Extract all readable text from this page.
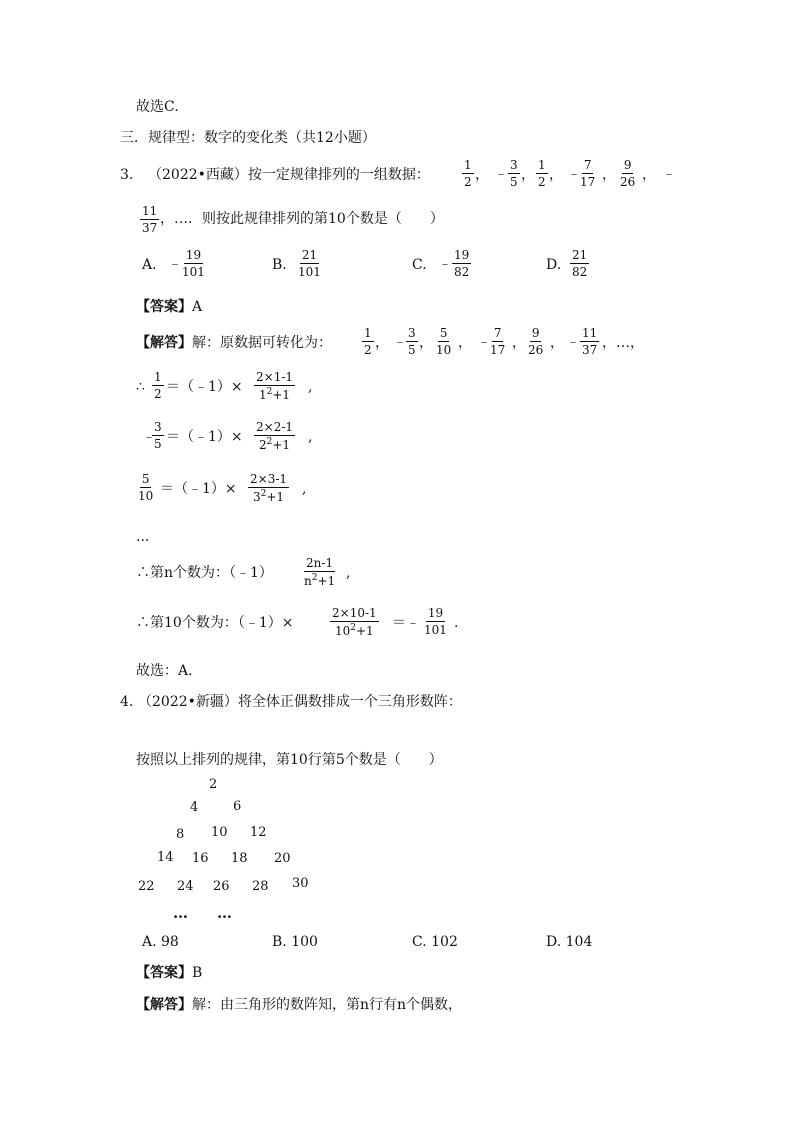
故选C.
三．规律型：数字的变化类（共12小题）
3. （2022•西藏）按一定规律排列的一组数据：	$\frac{1}{2}$ ， ﹣ $\frac{3}{5}$ ， $\frac{1}{2}$ ， ﹣ $\frac{7}{17}$ ， $\frac{9}{26}$ ， ﹣
$\frac{11}{37}$ ，…．则按此规律排列的第10个数是（　　）
A. ﹣ $\frac{19}{101}$	B. $\frac{21}{101}$	C. ﹣ $\frac{19}{82}$	D. $\frac{21}{82}$
【答案】A
【解答】解：原数据可转化为：	$\frac{1}{2}$ ， ﹣ $\frac{3}{5}$ ， $\frac{5}{10}$ ， ﹣ $\frac{7}{17}$ ， $\frac{9}{26}$ ， ﹣ $\frac{11}{37}$ ，…，
∴ $\frac{1}{2}$ ＝（﹣1）× $\frac{2\times 1-1}{1^2+1}$ ,
﹣
$\frac{3}{5}$ ＝（﹣1）× $\frac{2\times 2-1}{2^2+1}$ ,
$\frac{5}{10}$ ＝（﹣1）× $\frac{2\times 3-1}{3^2+1}$ ,
...
∴第n个数为：（﹣1）	$\frac{2n-1}{n^2+1}$ ,
∴第10个数为：（﹣1）×	$\frac{2\times 10-1}{10^2+1}$ ＝﹣ $\frac{19}{101}$ .
故选：A.
4. （2022•新疆）将全体正偶数排成一个三角形数阵：
按照以上排列的规律，第10行第5个数是（　　）
2
4	6
8 10 12
14 16 18 20
22 24 26 28 30
… …
A. 98	B. 100	C. 102	D. 104
【答案】B
【解答】解：由三角形的数阵知，第n行有n个偶数，
